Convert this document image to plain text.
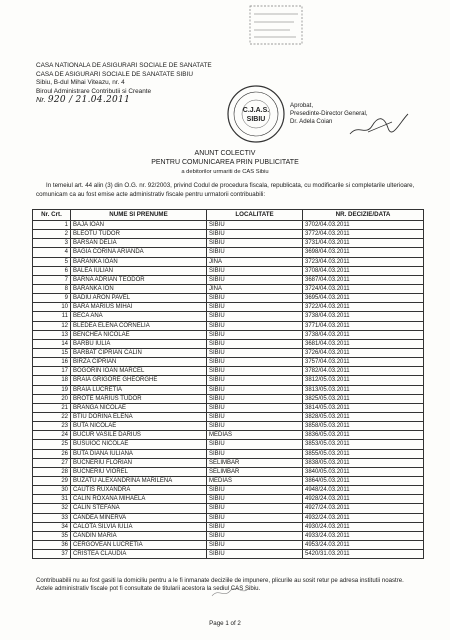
CASA NATIONALA DE ASIGURARI SOCIALE DE SANATATE
CASA DE ASIGURARI SOCIALE DE SANATATE SIBIU
Sibiu, B-dul Mihai Viteazu, nr. 4
Biroul Administrare Contributii si Creante
Nr. 920 / 21.04.2011
C.J.A.S.
SIBIU
Aprobat,
Presedinte-Director General,
Dr. Adela Coian
ANUNT COLECTIV
PENTRU COMUNICAREA PRIN PUBLICITATE
a debitorilor urmariti de CAS Sibiu
In temeiul art. 44 alin (3) din O.G. nr. 92/2003, privind Codul de procedura fiscala, republicata, cu modificarile si completarile ulterioare, comunicam ca au fost emise acte administrativ fiscale pentru urmatorii contribuabili:
Nr. Crt.	NUME SI PRENUME	LOCALITATE	NR. DECIZIE/DATA
1	BAJA IOAN	SIBIU	3702/04.03.2011
2	BLEOTU TUDOR	SIBIU	3772/04.03.2011
3	BARSAN DELIA	SIBIU	3731/04.03.2011
4	BAGIA CORINA ARIANDA	SIBIU	3698/04.03.2011
5	BARANKA IOAN	JINA	3723/04.03.2011
6	BALEA IULIAN	SIBIU	3708/04.03.2011
7	BARNA ADRIAN TEODOR	SIBIU	3687/04.03.2011
8	BARANKA ION	JINA	3724/04.03.2011
9	BADIU ARON PAVEL	SIBIU	3695/04.03.2011
10	BARA MARIUS MIHAI	SIBIU	3722/04.03.2011
11	BECA ANA	SIBIU	3738/04.03.2011
12	BLEDEA ELENA CORNELIA	SIBIU	3771/04.03.2011
13	BENCHEA NICOLAE	SIBIU	3738/04.03.2011
14	BARBU IULIA	SIBIU	3681/04.03.2011
15	BARBAT CIPRIAN CALIN	SIBIU	3726/04.03.2011
16	BIRZA CIPRIAN	SIBIU	3757/04.03.2011
17	BOGORIN IOAN MARCEL	SIBIU	3782/04.03.2011
18	BRAIA GRIGORE GHEORGHE	SIBIU	3812/05.03.2011
19	BRAIA LUCRETIA	SIBIU	3813/05.03.2011
20	BROTE MARIUS TUDOR	SIBIU	3825/05.03.2011
21	BRANGA NICOLAE	SIBIU	3814/05.03.2011
22	BTIU DORINA ELENA	SIBIU	3828/05.03.2011
23	BUTA NICOLAE	SIBIU	3858/05.03.2011
24	BUCUR VASILE DARIUS	MEDIAS	3836/05.03.2011
25	BUSUIOC NICOLAE	SIBIU	3853/05.03.2011
26	BUTA DIANA IULIANA	SIBIU	3855/05.03.2011
27	BUCNERIU FLORIAN	SELIMBAR	3838/05.03.2011
28	BUCNERIU VIOREL	SELIMBAR	3840/05.03.2011
29	BUZATU ALEXANDRINA MARILENA	MEDIAS	3864/05.03.2011
30	CAUTIS RUXANDRA	SIBIU	4948/24.03.2011
31	CALIN ROXANA MIHAELA	SIBIU	4928/24.03.2011
32	CALIN STEFANA	SIBIU	4927/24.03.2011
33	CANDEA MINERVA	SIBIU	4932/24.03.2011
34	CALOTA SILVIA IULIA	SIBIU	4930/24.03.2011
35	CANDIN MARIA	SIBIU	4933/24.03.2011
36	CERGOVEAN LUCRETIA	SIBIU	4953/24.03.2011
37	CRISTEA CLAUDIA	SIBIU	5420/31.03.2011
Contribuabilii nu au fost gasiti la domiciliu pentru a le fi inmanate deciziile de impunere, plicurile au sosit retur pe adresa institutii noastre.
Actele administrativ fiscale pot fi consultate de titularii acestora la sediul CAS Sibiu.
Page 1 of 2
